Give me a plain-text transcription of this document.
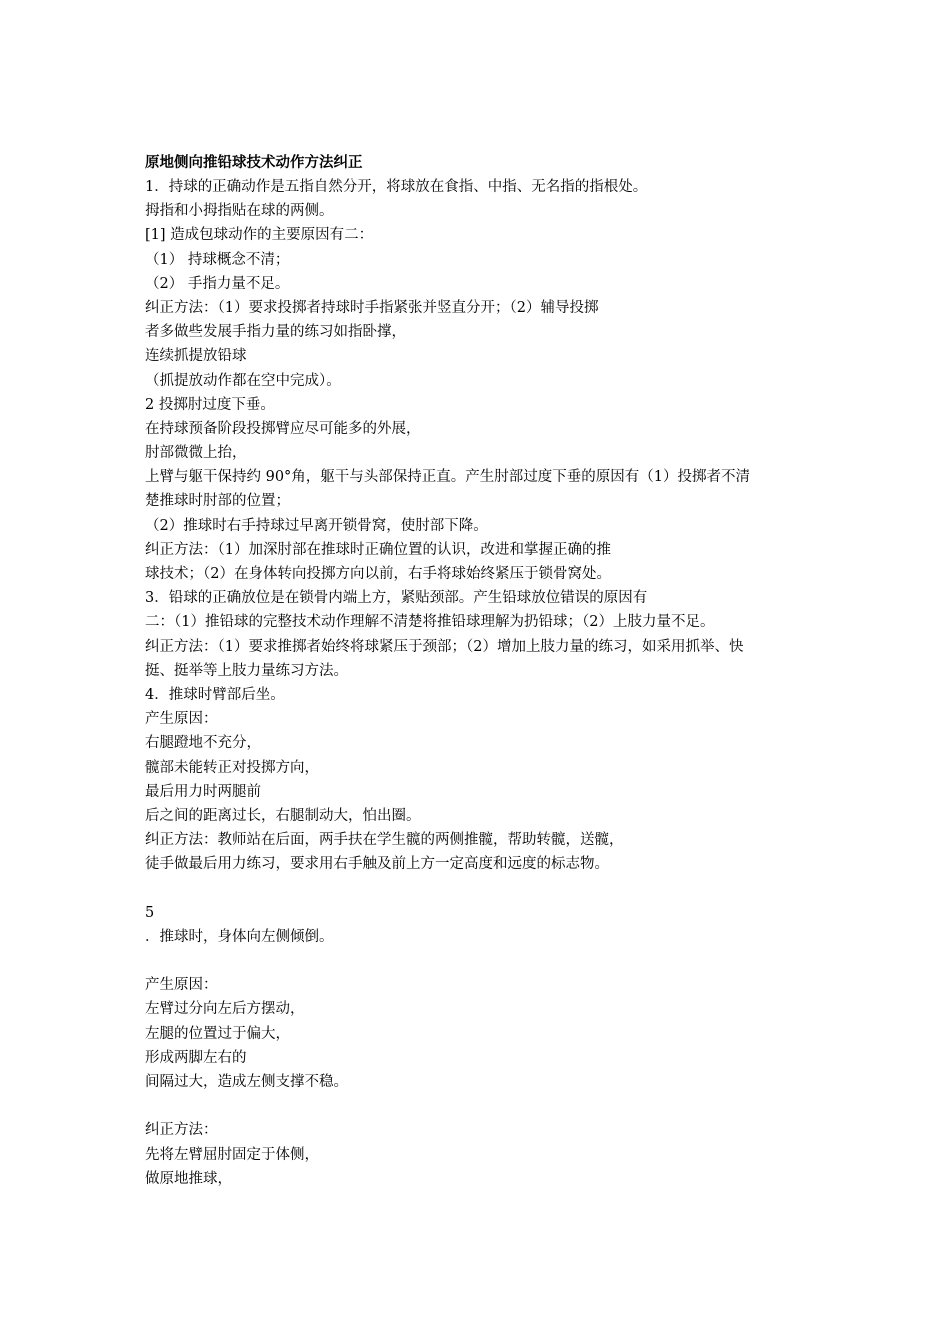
原地侧向推铅球技术动作方法纠正
1．持球的正确动作是五指自然分开，将球放在食指、中指、无名指的指根处。
拇指和小拇指贴在球的两侧。
[1] 造成包球动作的主要原因有二：
（1） 持球概念不清；
（2） 手指力量不足。
纠正方法：（1）要求投掷者持球时手指紧张并竖直分开；（2）辅导投掷
者多做些发展手指力量的练习如指卧撑，
连续抓提放铅球
（抓提放动作都在空中完成）。
2 投掷肘过度下垂。
在持球预备阶段投掷臂应尽可能多的外展，
肘部微微上抬，
上臂与躯干保持约 90°角，躯干与头部保持正直。产生肘部过度下垂的原因有（1）投掷者不清
楚推球时肘部的位置；
（2）推球时右手持球过早离开锁骨窝，使肘部下降。
纠正方法：（1）加深肘部在推球时正确位置的认识，改进和掌握正确的推
球技术；（2）在身体转向投掷方向以前，右手将球始终紧压于锁骨窝处。
3．铅球的正确放位是在锁骨内端上方，紧贴颈部。产生铅球放位错误的原因有
二：（1）推铅球的完整技术动作理解不清楚将推铅球理解为扔铅球；（2）上肢力量不足。
纠正方法：（1）要求推掷者始终将球紧压于颈部；（2）增加上肢力量的练习，如采用抓举、快
挺、挺举等上肢力量练习方法。
4．推球时臂部后坐。
产生原因：
右腿蹬地不充分，
髋部未能转正对投掷方向，
最后用力时两腿前
后之间的距离过长，右腿制动大，怕出圈。
纠正方法：教师站在后面，两手扶在学生髋的两侧推髋，帮助转髋，送髋，
徒手做最后用力练习，要求用右手触及前上方一定高度和远度的标志物。
5
．推球时，身体向左侧倾倒。
产生原因：
左臂过分向左后方摆动，
左腿的位置过于偏大，
形成两脚左右的
间隔过大，造成左侧支撑不稳。
纠正方法：
先将左臂屈肘固定于体侧，
做原地推球，
